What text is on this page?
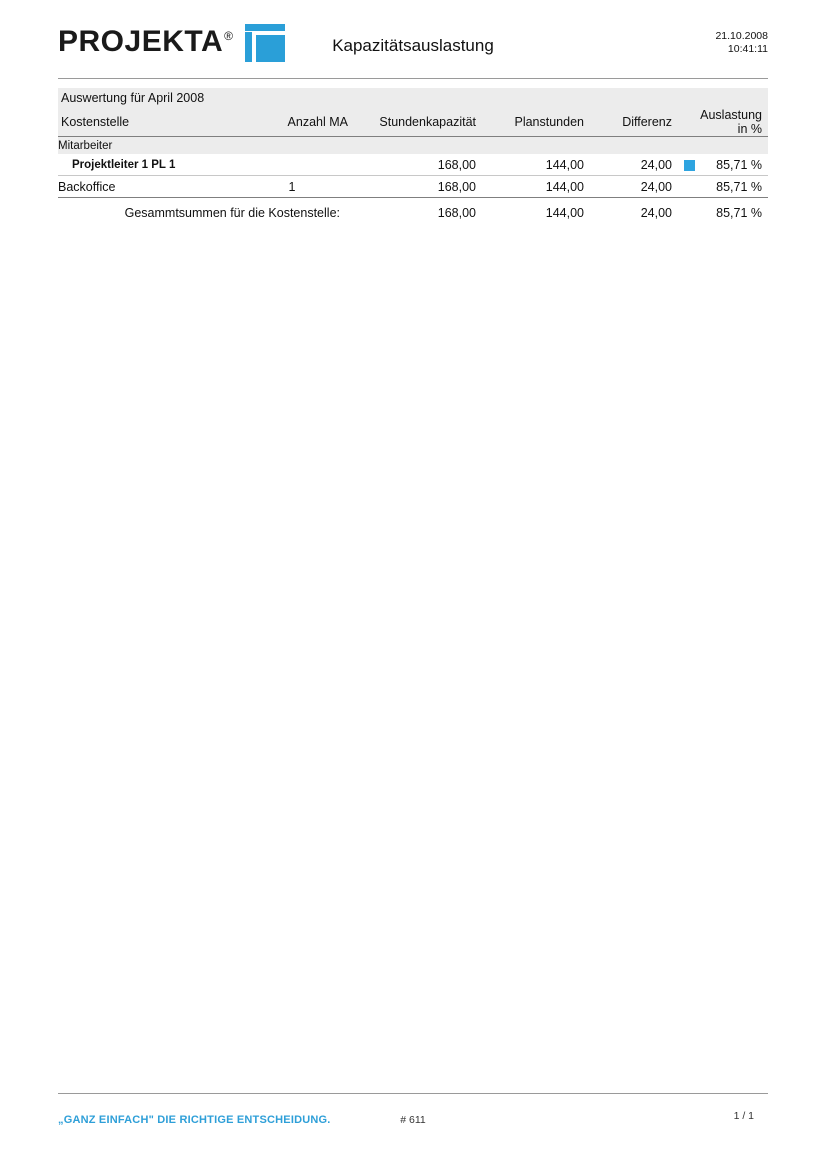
PROJEKTA®	Kapazitätsauslastung	21.10.2008
10:41:11
Auswertung für April 2008
Kostenstelle	Anzahl MA	Stundenkapazität	Planstunden	Differenz		Auslastung in %
Mitarbeiter						
Projektleiter 1 PL 1		168,00	144,00	24,00		85,71 %
Backoffice	1	168,00	144,00	24,00		85,71 %
Gesammtsummen für die Kostenstelle:		168,00	144,00	24,00		85,71 %
„GANZ EINFACH" DIE RICHTIGE ENTSCHEIDUNG.	# 611	1 / 1
